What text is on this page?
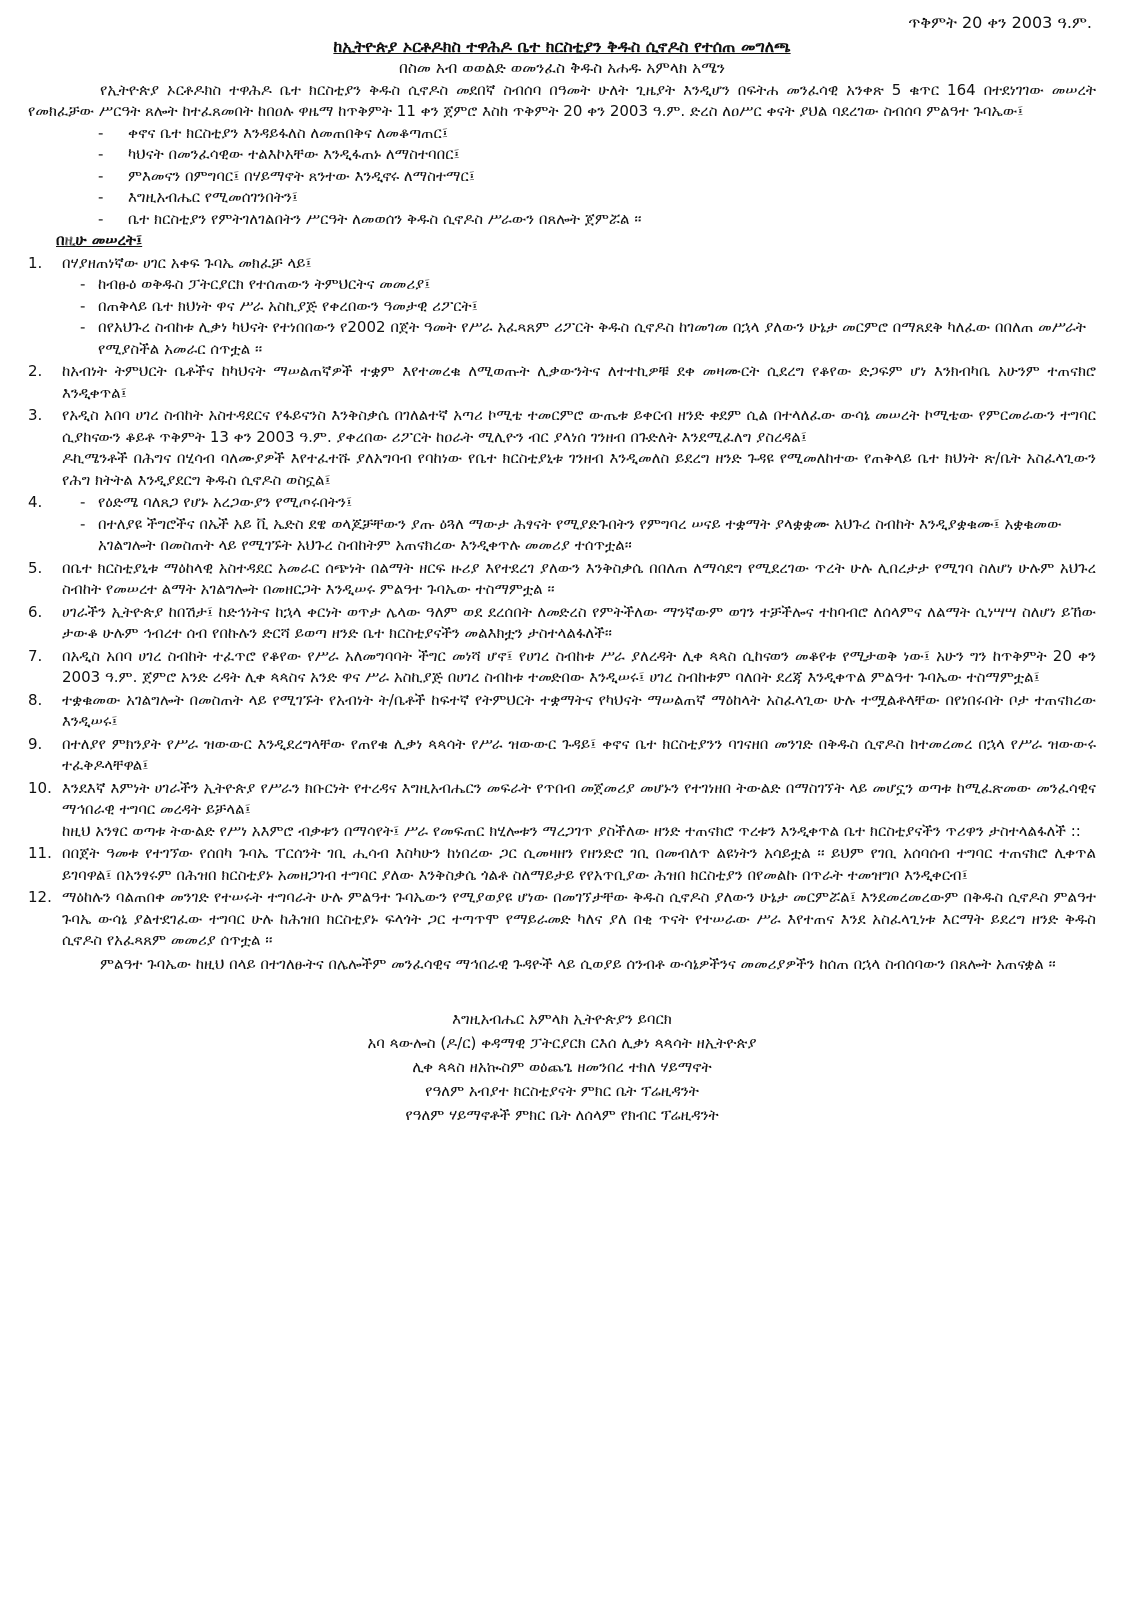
ጥቅምት 20 ቀን 2003 ዓ.ም.
ከኢትዮጵያ ኦርቶዶክስ ተዋሕዶ ቤተ ክርስቲያን ቅዱስ ሲኖዶስ የተሰጠ መግለጫ
በስመ አብ ወወልድ ወመንፈስ ቅዱስ አሐዱ አምላክ አሜን

የኢትዮጵያ ኦርቶዶክስ ተዋሕዶ ቤተ ክርስቲያን ቅዱስ ሲኖዶስ መደበኛ ስብሰባ በዓመት ሁለት ጊዜያት እንዲሆን በፍትሐ መንፈሳዊ አንቀጽ 5 ቁጥር 164 በተደነገገው መሠረት የመክፈቻው ሥርዓት ጸሎት ከተፈጸመበት ከበዐሉ ዋዜማ ከጥቅምት 11 ቀን ጀምሮ እስከ ጥቅምት 20 ቀን 2003 ዓ.ም. ድረስ ለዐሥር ቀናት ያህል ባደረገው ስብሰባ ምልዓተ ጉባኤው፤

- ቀኖና ቤተ ክርስቲያን እንዳይፋለስ ለመጠበቅና ለመቆጣጠር፤
- ካህናት በመንፈሳዊው ተልእኮአቸው እንዲፋጠኑ ለማስተባበር፤
- ምእመናን በምግባር፤ በሃይማኖት ጸንተው እንዲኖሩ ለማስተማር፤
- እግዚአብሔር የሚመሰገንበትን፤
- ቤተ ክርስቲያን የምትገለገልበትን ሥርዓት ለመወሰን ቅዱስ ሲኖዶስ ሥራውን በጸሎት ጀምሯል ፡፡
በዚሁ መሠረት፤
1. በሃያዘጠነኛው ሀገር አቀፍ ጉባኤ መክፈቻ ላይ፤

- ከብፁዕ ወቅዱስ ፓትርያርክ የተሰጠውን ትምህርትና መመሪያ፤
- በጠቅላይ ቤተ ክህነት ዋና ሥራ አስኪያጅ የቀረበውን ዓመታዊ ሪፖርት፤
- በየአህጉረ ስብከቱ ሊቃነ ካህናት የተነበበውን የ2002 በጀት ዓመት የሥራ አፈጻጸም ሪፖርት ቅዱስ ሲኖዶስ ከገመገመ በኋላ ያለውን ሁኔታ መርምሮ በማጸደቅ ካለፈው በበለጠ መሥራት የሚያስችል አመራር ሰጥቷል ፡፡
2. ከአብነት ትምህርት ቤቶችና ከካህናት ማሠልጠኛዎች ተቋም እየተመረቁ ለሚወጡት ሊቃውንትና ለተተኪዎቹ ደቀ መዛሙርት ሲደረግ የቆየው ድጋፍም ሆነ እንክብካቤ አሁንም ተጠናክሮ እንዲቀጥል፤

3. የአዲስ አበባ ሀገረ ስብከት አስተዳደርና የፋይናንስ እንቅስቃሴ በገለልተኛ አጣሪ ኮሚቴ ተመርምሮ ውጤቱ ይቀርብ ዘንድ ቀደም ሲል በተላለፈው ውሳኔ መሠረት ኮሚቴው የምርመራውን ተግባር ሲያከናውን ቆይቶ ጥቅምት 13 ቀን 2003 ዓ.ም. ያቀረበው ሪፖርት ከዐራት ሚሊዮን ብር ያላነሰ ገንዘብ በጉድለት እንደሚፈለግ ያስረዳል፤

ዶኪሜንቶች በሕግና በሂሳብ ባለሙያዎች እየተፈተሹ ያለአግባብ የባከነው የቤተ ክርስቲያኒቱ ገንዘብ እንዲመለስ ይደረግ ዘንድ ጉዳዩ የሚመለከተው የጠቅላይ ቤተ ክህነት ጽ/ቤት አስፈላጊውን የሕግ ክትትል እንዲያደርግ ቅዱስ ሲኖዶስ ወስኗል፤

4.
-	የዕድሜ ባለጸጋ የሆኑ አረጋውያን የሚጦሩበትን፤
- በተለያዩ ችግሮችና በኤች አይ ቪ ኤድስ ደዌ ወላጆቻቸውን ያጡ ዕጓለ ማውታ ሕፃናት የሚያድጉበትን የምግባረ ሠናይ ተቋማት ያላቋቋሙ አህጉረ ስብከት እንዲያቋቁሙ፤ አቋቁመው አገልግሎት በመስጠት ላይ የሚገኙት አህጉረ ስብከትም አጠናክረው እንዲቀጥሉ መመሪያ ተሰጥቷል፡፡
5. በቤተ ክርስቲያኒቱ ማዕከላዊ አስተዳደር አመራር ሰጭነት በልማት ዘርፍ ዙሪያ እየተደረገ ያለውን እንቅስቃሴ በበለጠ ለማሳደግ የሚደረገው ጥረት ሁሉ ሊበረታታ የሚገባ ስለሆነ ሁሉም አህጉረ ስብከት የመሠረተ ልማት አገልግሎት በመዘርጋት እንዲሠሩ ምልዓተ ጉባኤው ተስማምቷል ፡፡

6. ሀገራችን ኢትዮጵያ ከበሽታ፤ ከድኅነትና ከኋላ ቀርነት ወጥታ ሌላው ዓለም ወደ ደረሰበት ለመድረስ የምትችለው ማንኛውም ወገን ተቻችሎና ተከባብሮ ለሰላምና ለልማት ሲነሣሣ ስለሆነ ይኸው ታውቆ ሁሉም ኅብረተ ሰብ የበኩሉን ድርሻ ይወጣ ዘንድ ቤተ ክርስቲያናችን መልእክቷን ታስተላልፋለች፡፡

7. በአዲስ አበባ ሀገረ ስብከት ተፈጥሮ የቆየው የሥራ አለመግባባት ችግር መነሻ ሆኖ፤ የሀገረ ስብከቱ ሥራ ያለረዳት ሊቀ ጳጳስ ሲከናወን መቆየቱ የሚታወቅ ነው፤ አሁን ግን ከጥቅምት 20 ቀን 2003 ዓ.ም. ጀምሮ አንድ ረዳት ሊቀ ጳጳስና አንድ ዋና ሥራ አስኪያጅ በሀገረ ስብከቱ ተመድበው እንዲሠሩ፤ ሀገረ ስብከቱም ባለበት ደረጃ እንዲቀጥል ምልዓተ ጉባኤው ተስማምቷል፤

8. ተቋቁመው አገልግሎት በመስጠት ላይ የሚገኙት የአብነት ት/ቤቶች ከፍተኛ የትምህርት ተቋማትና የካህናት ማሠልጠኛ ማዕከላት አስፈላጊው ሁሉ ተሟልቶላቸው በየነበሩበት ቦታ ተጠናክረው እንዲሠሩ፤

9. በተለያየ ምክንያት የሥራ ዝውውር እንዲደረግላቸው የጠየቁ ሊቃነ ጳጳሳት የሥራ ዝውውር ጉዳይ፤ ቀኖና ቤተ ክርስቲያንን ባገናዘበ መንገድ በቅዱስ ሲኖዶስ ከተመረመረ በኋላ የሥራ ዝውውሩ ተፈቅዶላቸዋል፤

10. እንደእኛ እምነት ሀገራችን ኢትዮጵያ የሥራን ክቡርነት የተረዳና እግዚአብሔርን መፍራት የጥበብ መጀመሪያ መሆኑን የተገነዘበ ትውልድ በማስገኘት ላይ መሆኗን ወጣቱ ከሚፈጽመው መንፈሳዊና ማኅበራዊ ተግባር መረዳት ይቻላል፤

ከዚህ አንፃር ወጣቱ ትውልድ የሥነ አእምሮ ብቃቱን በማሳየት፤ ሥራ የመፍጠር ክሂሎቱን ማረጋገጥ ያስችለው ዘንድ ተጠናክሮ ጥረቱን እንዲቀጥል ቤተ ክርስቲያናችን ጥሪዋን ታስተላልፋለች ::

11. በበጀት ዓመቱ የተገኘው የሰበካ ጉባኤ ፐርሰንት ገቢ ሒሳብ እስካሁን ከነበረው ጋር ሲመዛዘን የዘንድሮ ገቢ በመብለጥ ልዩነትን አሳይቷል ፡፡ ይህም የገቢ አሰባሰብ ተግባር ተጠናክሮ ሊቀጥል ይገባዋል፤ በአንፃሩም በሕዝበ ክርስቲያኑ አመዘጋገብ ተግባር ያለው እንቅስቃሴ ጎልቶ ስለማይታይ የየአጥቢያው ሕዝበ ክርስቲያን በየመልኩ በጥራት ተመዝግቦ እንዲቀርብ፤

12. ማዕከሉን ባልጠበቀ መንገድ የተሠሩት ተግባራት ሁሉ ምልዓተ ጉባኤውን የሚያወያዩ ሆነው በመገኘታቸው ቅዱስ ሲኖዶስ ያለውን ሁኔታ መርምሯል፤ እንደመረመረውም በቅዱስ ሲኖዶስ ምልዓተ ጉባኤ ውሳኔ ያልተደገፈው ተግባር ሁሉ ከሕዝበ ክርስቲያኑ ፍላጎት ጋር ተጣጥሞ የማይራመድ ካለና ያለ በቂ ጥናት የተሠራው ሥራ እየተጠና እንደ አስፈላጊነቱ እርማት ይደረግ ዘንድ ቅዱስ ሲኖዶስ የአፈጻጸም መመሪያ ሰጥቷል ፡፡

ምልዓተ ጉባኤው ከዚህ በላይ በተገለፁትና በሌሎችም መንፈሳዊና ማኅበራዊ ጉዳዮች ላይ ሲወያይ ሰንብቶ ውሳኔዎችንና መመሪያዎችን ከሰጠ በኋላ ስብሰባውን በጸሎት አጠናቋል ፡፡

እግዚአብሔር አምላክ ኢትዮጵያን ይባርክ
አባ ጳውሎስ (ዶ/ር) ቀዳማዊ ፓትርያርክ ርእሰ ሊቃነ ጳጳሳት ዘኢትዮጵያ
ሊቀ ጳጳስ ዘአኲስም ወዕጨጌ ዘመንበረ ተክለ ሃይማኖት
የዓለም አብያተ ክርስቲያናት ምክር ቤት ፕሬዚዳንት
የዓለም ሃይማኖቶች ምክር ቤት ለሰላም የክብር ፕሬዚዳንት
